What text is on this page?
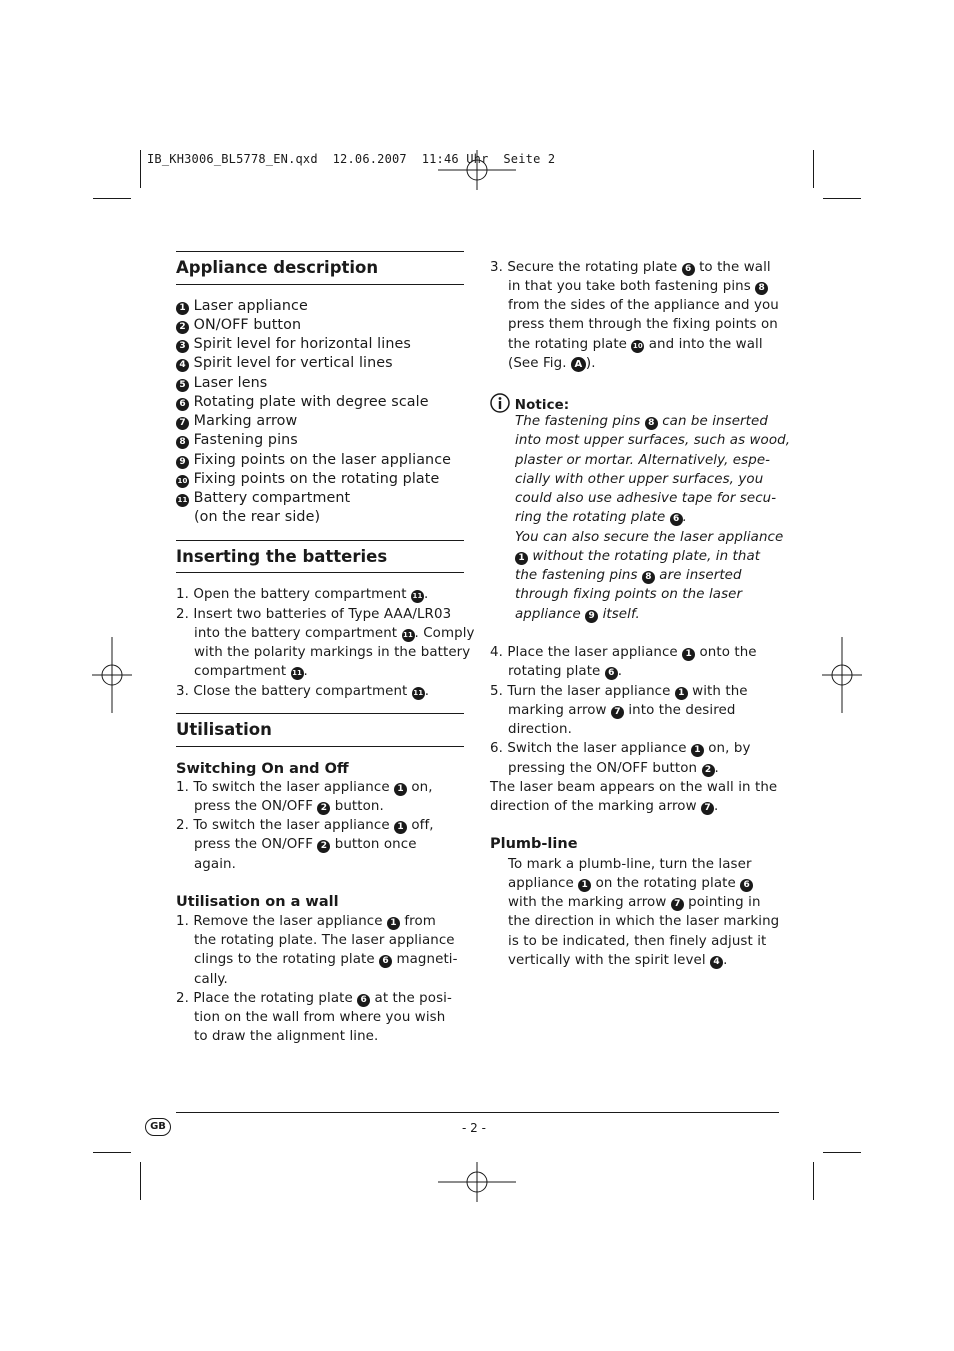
IB_KH3006_BL5778_EN.qxd  12.06.2007  11:46 Uhr  Seite 2
Appliance description
1 Laser appliance
2 ON/OFF button
3 Spirit level for horizontal lines
4 Spirit level for vertical lines
5 Laser lens
6 Rotating plate with degree scale
7 Marking arrow
8 Fastening pins
9 Fixing points on the laser appliance
10 Fixing points on the rotating plate
11 Battery compartment
(on the rear side)
Inserting the batteries
1. Open the battery compartment 11 .
2. Insert two batteries of Type AAA/LR03
into the battery compartment 11 . Comply
with the polarity markings in the battery
compartment 11 .
3. Close the battery compartment 11 .
Utilisation
Switching On and Off
1. To switch the laser appliance 1 on,
press the ON/OFF 2 button.
2. To switch the laser appliance 1 off,
press the ON/OFF 2 button once
again.
Utilisation on a wall
1. Remove the laser appliance 1 from
the rotating plate. The laser appliance
clings to the rotating plate 6 magneti-
cally.
2. Place the rotating plate 6 at the posi-
tion on the wall from where you wish
to draw the alignment line.
3. Secure the rotating plate 6 to the wall
in that you take both fastening pins 8
from the sides of the appliance and you
press them through the fixing points on
the rotating plate 10 and into the wall
(See Fig. A ).
Notice:
The fastening pins 8 can be inserted
into most upper surfaces, such as wood,
plaster or mortar. Alternatively, espe-
cially with other upper surfaces, you
could also use adhesive tape for secu-
ring the rotating plate 6 .
You can also secure the laser appliance
1 without the rotating plate, in that
the fastening pins 8 are inserted
through fixing points on the laser
appliance 9 itself.
4. Place the laser appliance 1 onto the
rotating plate 6 .
5. Turn the laser appliance 1 with the
marking arrow 7 into the desired
direction.
6. Switch the laser appliance 1 on, by
pressing the ON/OFF button 2 .
The laser beam appears on the wall in the
direction of the marking arrow 7 .
Plumb-line
To mark a plumb-line, turn the laser
appliance 1 on the rotating plate 6
with the marking arrow 7 pointing in
the direction in which the laser marking
is to be indicated, then finely adjust it
vertically with the spirit level 4 .
GB	- 2 -
